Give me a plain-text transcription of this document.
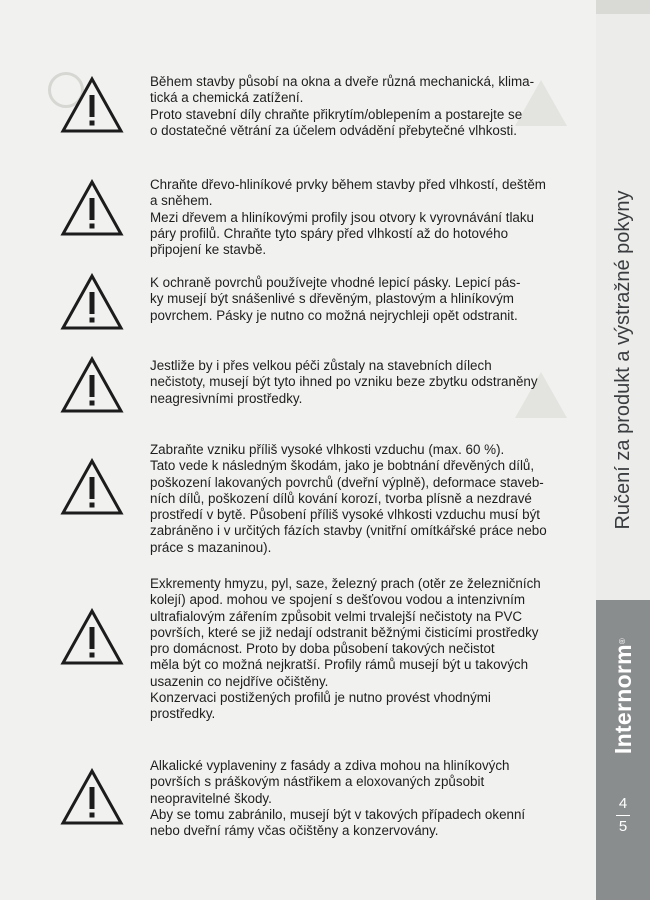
Během stavby působí na okna a dveře různá mechanická, klima-
tická a chemická zatížení.
Proto stavební díly chraňte přikrytím/oblepením a postarejte se
o dostatečné větrání za účelem odvádění přebytečné vlhkosti.
Chraňte dřevo-hliníkové prvky během stavby před vlhkostí, deštěm
a sněhem.
Mezi dřevem a hliníkovými profily jsou otvory k vyrovnávání tlaku
páry profilů. Chraňte tyto spáry před vlhkostí až do hotového
připojení ke stavbě.
K ochraně povrchů používejte vhodné lepicí pásky. Lepicí pás-
ky musejí být snášenlivé s dřevěným, plastovým a hliníkovým
povrchem. Pásky je nutno co možná nejrychleji opět odstranit.
Jestliže by i přes velkou péči zůstaly na stavebních dílech
nečistoty, musejí být tyto ihned po vzniku beze zbytku odstraněny
neagresivními prostředky.
Zabraňte vzniku příliš vysoké vlhkosti vzduchu (max. 60 %).
Tato vede k následným škodám, jako je bobtnání dřevěných dílů,
poškození lakovaných povrchů (dveřní výplně), deformace staveb-
ních dílů, poškození dílů kování korozí, tvorba plísně a nezdravé
prostředí v bytě. Působení příliš vysoké vlhkosti vzduchu musí být
zabráněno i v určitých fázích stavby (vnitřní omítkářské práce nebo
práce s mazaninou).
Exkrementy hmyzu, pyl, saze, železný prach (otěr ze železničních
kolejí) apod. mohou ve spojení s dešťovou vodou a intenzivním
ultrafialovým zářením způsobit velmi trvalejší nečistoty na PVC
površích, které se již nedají odstranit běžnými čisticími prostředky
pro domácnost. Proto by doba působení takových nečistot
měla být co možná nejkratší. Profily rámů musejí být u takových
usazenin co nejdříve očištěny.
Konzervaci postižených profilů je nutno provést vhodnými
prostředky.
Alkalické vyplaveniny z fasády a zdiva mohou na hliníkových
površích s práškovým nástřikem a eloxovaných způsobit
neopravitelné škody.
Aby se tomu zabránilo, musejí být v takových případech okenní
nebo dveřní rámy včas očištěny a konzervovány.
Ručení za produkt a výstražné pokyny
Internorm®
4
5
